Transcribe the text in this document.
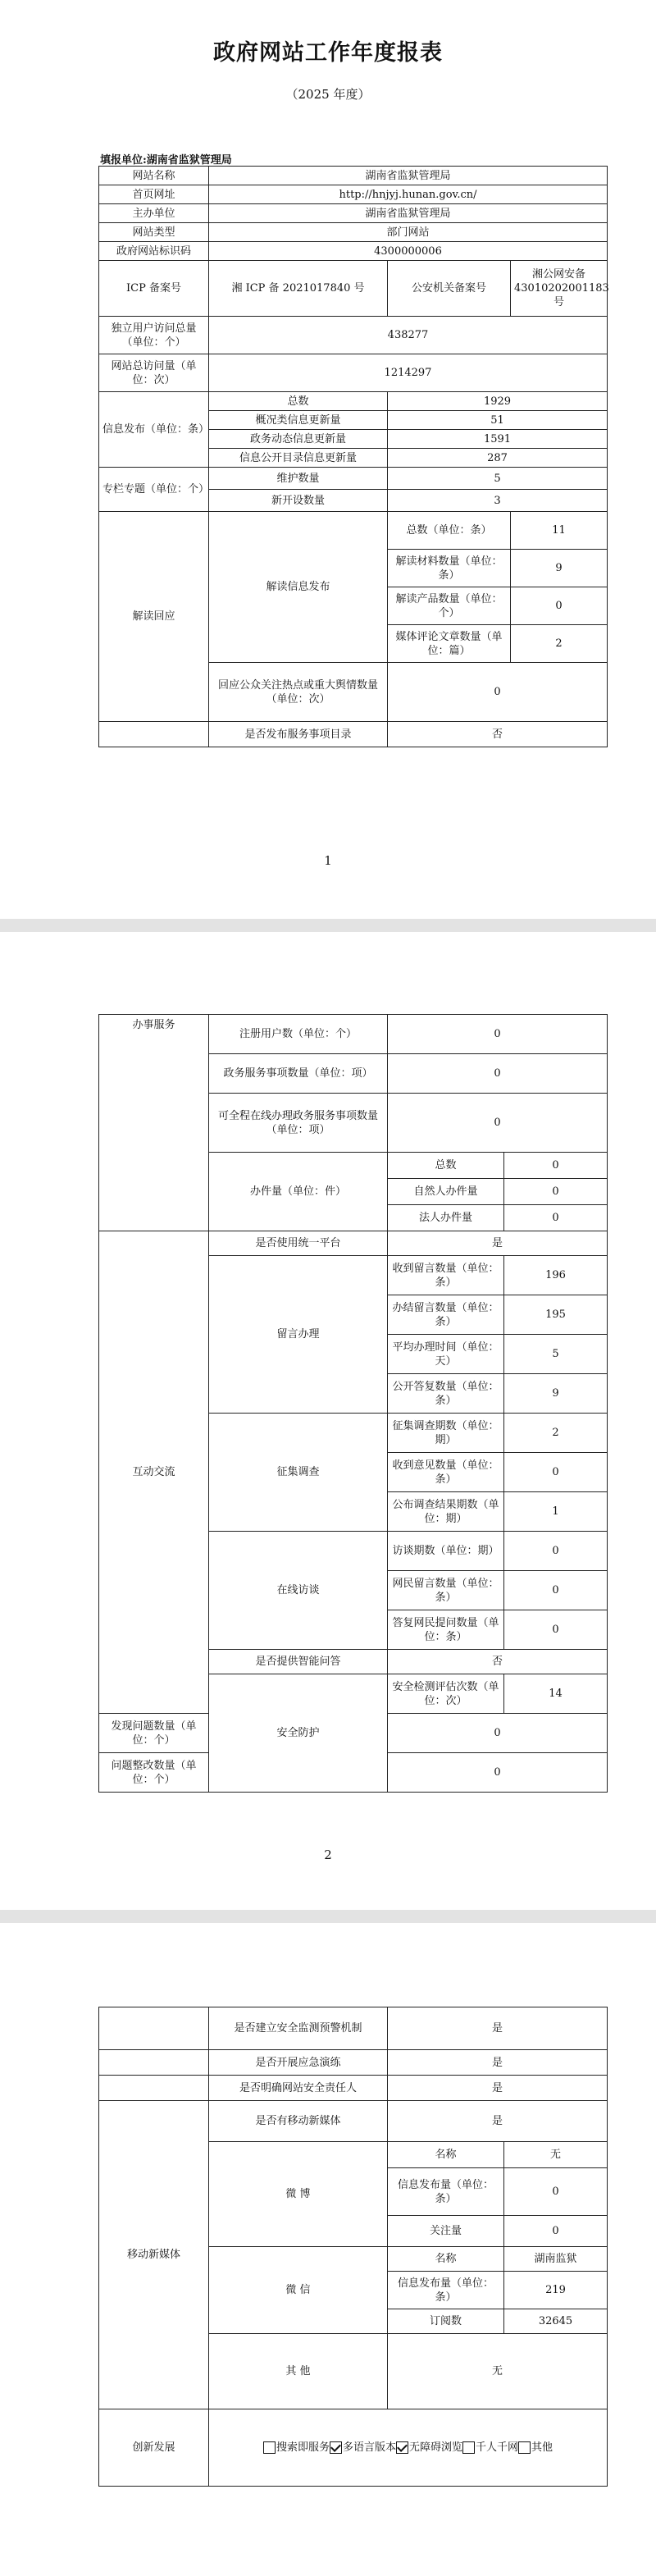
政府网站工作年度报表
（2025 年度）
填报单位:湖南省监狱管理局
网站名称	湖南省监狱管理局		
首页网址	http://hnjyj.hunan.gov.cn/		
主办单位	湖南省监狱管理局		
网站类型	部门网站		
政府网站标识码	4300000006		
ICP 备案号	湘 ICP 备 2021017840 号	公安机关备案号	湘公网安备43010202001183 号
独立用户访问总量（单位：个）	438277		
网站总访问量（单位：次）	1214297		
信息发布（单位：条）	总数	1929	
	概况类信息更新量	51	
	政务动态信息更新量	1591	
	信息公开目录信息更新量	287	
专栏专题（单位：个）	维护数量	5	
	新开设数量	3	
解读回应	解读信息发布	总数（单位：条）	11
		解读材料数量（单位：条）	9
		解读产品数量（单位：个）	0
		媒体评论文章数量（单位：篇）	2
	回应公众关注热点或重大舆情数量（单位：次）	0	
	是否发布服务事项目录	否	
1
办事服务	注册用户数（单位：个）	0	
	政务服务事项数量（单位：项）	0	
	可全程在线办理政务服务事项数量（单位：项）	0	
	办件量（单位：件）	总数	0
		自然人办件量	0
		法人办件量	0
互动交流	是否使用统一平台	是	
	留言办理	收到留言数量（单位：条）	196
		办结留言数量（单位：条）	195
		平均办理时间（单位：天）	5
		公开答复数量（单位：条）	9
	征集调查	征集调查期数（单位：期）	2
		收到意见数量（单位：条）	0
		公布调查结果期数（单位：期）	1
	在线访谈	访谈期数（单位：期）	0
		网民留言数量（单位：条）	0
		答复网民提问数量（单位：条）	0
	是否提供智能问答	否	
	安全防护	安全检测评估次数（单位：次）	14
发现问题数量（单位：个）		0	
问题整改数量（单位：个）		0	
2
	是否建立安全监测预警机制	是	
	是否开展应急演练	是	
	是否明确网站安全责任人	是	
移动新媒体	是否有移动新媒体	是	
	微 博	名称	无
		信息发布量（单位：条）	0
		关注量	0
	微 信	名称	湖南监狱
		信息发布量（单位：条）	219
		订阅数	32645
	其 他	无	
创新发展	搜索即服务 多语言版本 无障碍浏览 千人千网 其他		
